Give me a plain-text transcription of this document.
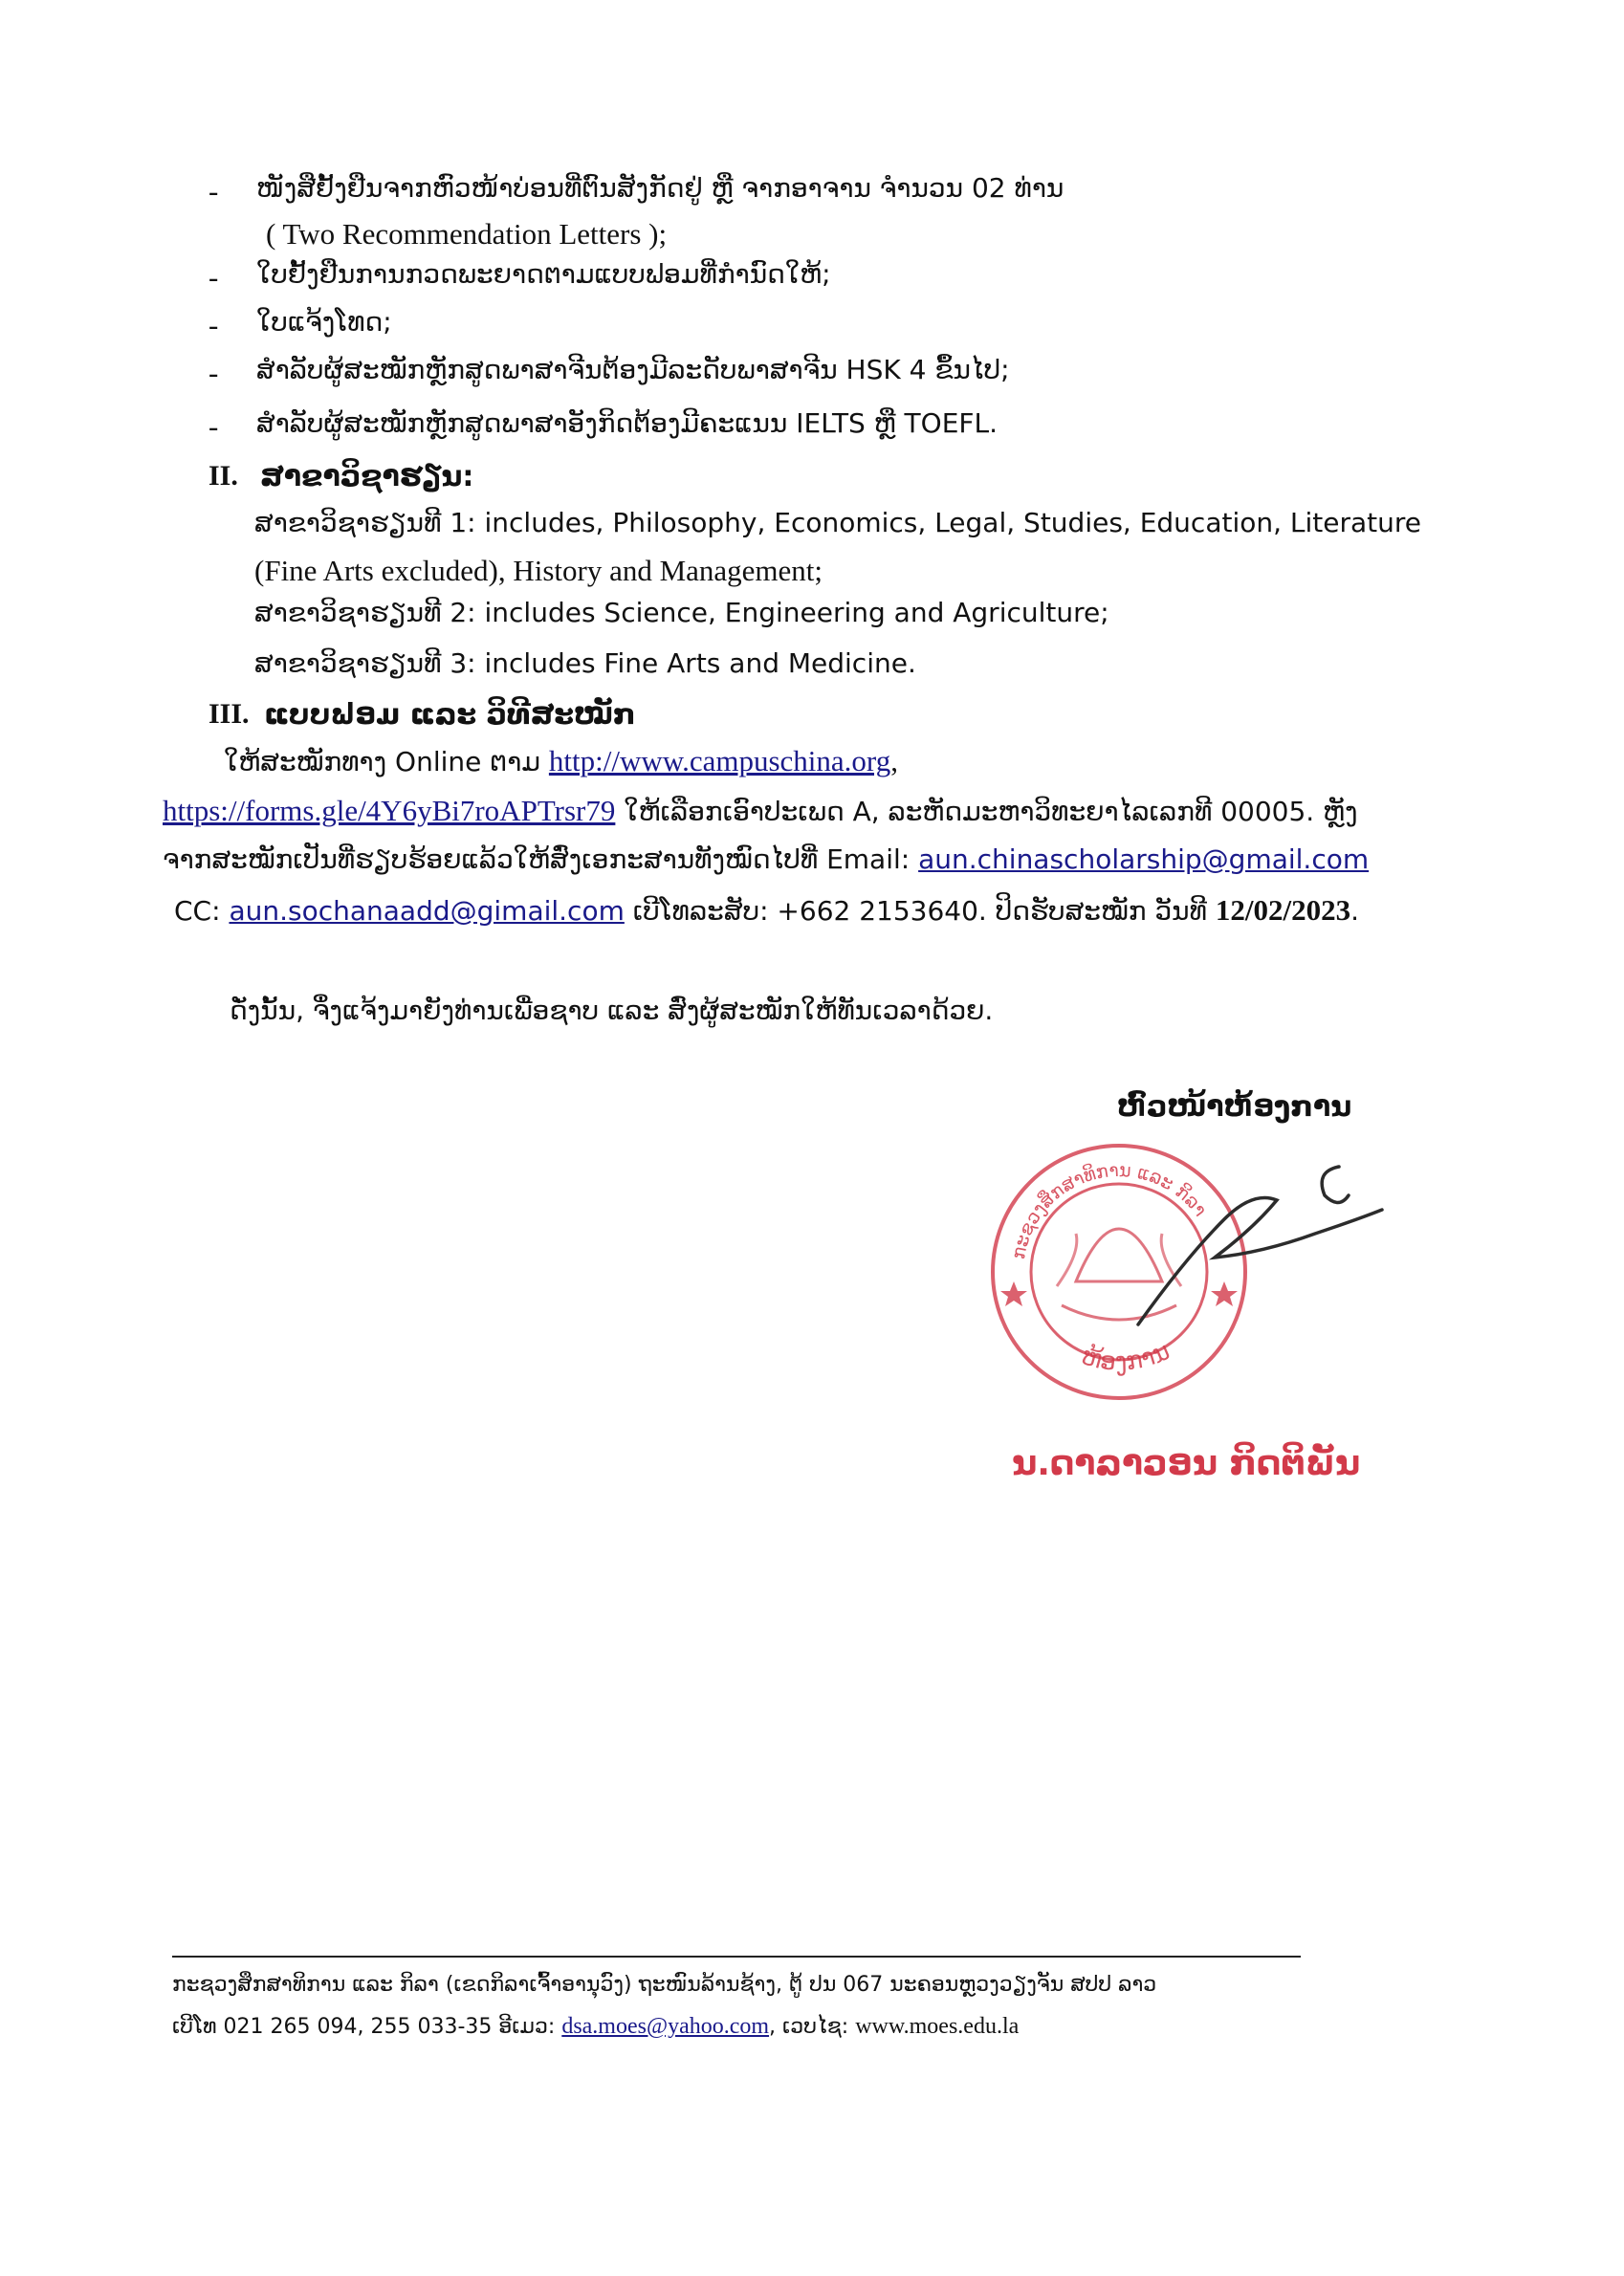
- ໜັງສືຢັ້ງຢືນຈາກຫົວໜ້າບ່ອນທີ່ຕົນສັງກັດຢູ່ ຫຼື ຈາກອາຈານ ຈຳນວນ 02 ທ່ານ
( Two Recommendation Letters );
- ໃບຢັ້ງຢືນການກວດພະຍາດຕາມແບບຟອມທີ່ກຳນົດໃຫ້;
- ໃບແຈ້ງໂທດ;
- ສຳລັບຜູ້ສະໝັກຫຼັກສູດພາສາຈີນຕ້ອງມີລະດັບພາສາຈີນ HSK 4 ຂຶ້ນໄປ;
- ສຳລັບຜູ້ສະໝັກຫຼັກສູດພາສາອັງກິດຕ້ອງມີຄະແນນ IELTS ຫຼື TOEFL.
II. ສາຂາວິຊາຮຽນ:
ສາຂາວິຊາຮຽນທີ 1: includes, Philosophy, Economics, Legal, Studies, Education, Literature
(Fine Arts excluded), History and Management;
ສາຂາວິຊາຮຽນທີ 2: includes Science, Engineering and Agriculture;
ສາຂາວິຊາຮຽນທີ 3: includes Fine Arts and Medicine.
III. ແບບຟອມ ແລະ ວິທີສະໝັກ
ໃຫ້ສະໝັກທາງ Online ຕາມ http://www.campuschina.org,
https://forms.gle/4Y6yBi7roAPTrsr79 ໃຫ້ເລືອກເອົາປະເພດ A, ລະຫັດມະຫາວິທະຍາໄລເລກທີ 00005. ຫຼັງ
ຈາກສະໝັກເປັນທີ່ຮຽບຮ້ອຍແລ້ວໃຫ້ສົ່ງເອກະສານທັງໝົດໄປທີ່ Email: aun.chinascholarship@gmail.com
CC: aun.sochanaadd@gimail.com ເບີໂທລະສັບ: +662 2153640. ປິດຮັບສະໝັກ ວັນທີ 12/02/2023.
ດັ່ງນັ້ນ, ຈຶ່ງແຈ້ງມາຍັງທ່ານເພື່ອຊາບ ແລະ ສົ່ງຜູ້ສະໝັກໃຫ້ທັນເວລາດ້ວຍ.
ຫົວໜ້າຫ້ອງການ
ກະຊວງສຶກສາທິການ ແລະ ກິລາ
ຫ້ອງການ
ນ.ດາລາວອນ ກິດຕິພັນ
ກະຊວງສຶກສາທິການ ແລະ ກິລາ (ເຂດກິລາເຈົ້າອານຸວົງ) ຖະໜົນລ້ານຊ້າງ, ຕູ້ ປນ 067 ນະຄອນຫຼວງວຽງຈັນ ສປປ ລາວ
ເບີໂທ 021 265 094, 255 033-35 ອີເມວ: dsa.moes@yahoo.com, ເວບໄຊ: www.moes.edu.la
